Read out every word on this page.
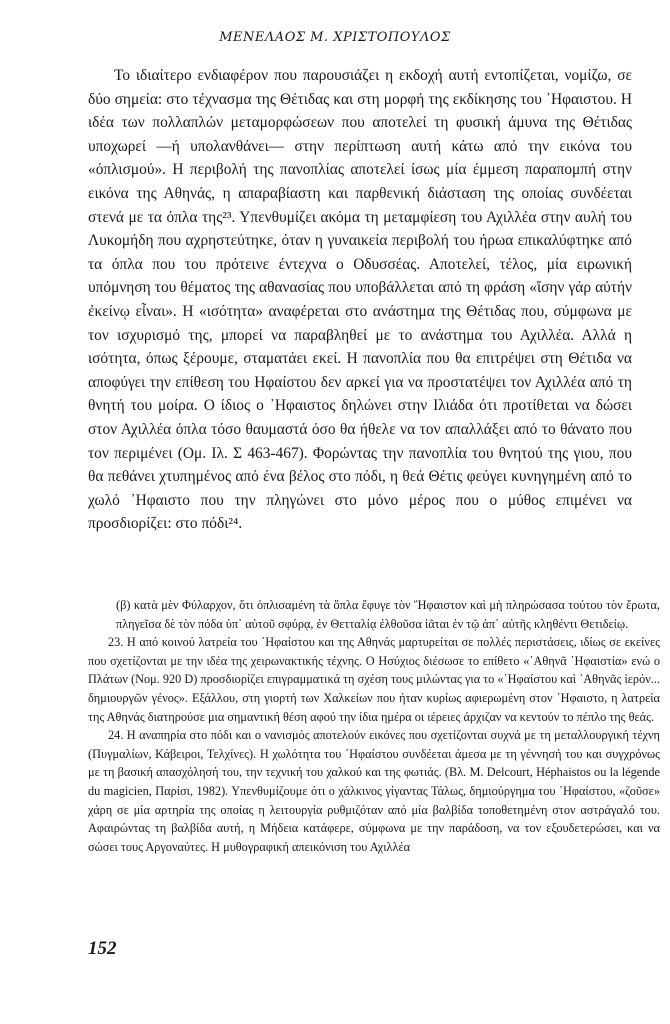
ΜΕΝΕΛΑΟΣ Μ. ΧΡΙΣΤΟΠΟΥΛΟΣ

Το ιδιαίτερο ενδιαφέρον που παρουσιάζει η εκδοχή αυτή εντοπίζεται, νομίζω, σε δύο σημεία: στο τέχνασμα της Θέτιδας και στη μορφή της εκδίκησης του ᾿Ηφαιστου. Η ιδέα των πολλαπλών μεταμορφώσεων που αποτελεί τη φυσική άμυνα της Θέτιδας υποχωρεί —ή υπολανθάνει— στην περίπτωση αυτή κάτω από την εικόνα του «όπλισμού». Η περιβολή της πανοπλίας αποτελεί ίσως μία έμμεση παραπομπή στην εικόνα της Αθηνάς, η απαραβίαστη και παρθενική διάσταση της οποίας συνδέεται στενά με τα όπλα της²³. Υπενθυμίζει ακόμα τη μεταμφίεση του Αχιλλέα στην αυλή του Λυκομήδη που αχρηστεύτηκε, όταν η γυναικεία περιβολή του ήρωα επικαλύφτηκε από τα όπλα που του πρότεινε έντεχνα ο Οδυσσέας. Αποτελεί, τέλος, μία ειρωνική υπόμνηση του θέματος της αθανασίας που υποβάλλεται από τη φράση «ἴσην γάρ αὐτήν ἐκείνῳ εἶναι». Η «ισότητα» αναφέρεται στο ανάστημα της Θέτιδας που, σύμφωνα με τον ισχυρισμό της, μπορεί να παραβληθεί με το ανάστημα του Αχιλλέα. Αλλά η ισότητα, όπως ξέρουμε, σταματάει εκεί. Η πανοπλία που θα επιτρέψει στη Θέτιδα να αποφύγει την επίθεση του Ηφαίστου δεν αρκεί για να προστατέψει τον Αχιλλέα από τη θνητή του μοίρα. Ο ίδιος ο ᾿Ηφαιστος δηλώνει στην Ιλιάδα ότι προτίθεται να δώσει στον Αχιλλέα όπλα τόσο θαυμαστά όσο θα ήθελε να τον απαλλάξει από το θάνατο που τον περιμένει (Ομ. Ιλ. Σ 463-467). Φορώντας την πανοπλία του θνητού της γιου, που θα πεθάνει χτυπημένος από ένα βέλος στο πόδι, η θεά Θέτις φεύγει κυνηγημένη από το χωλό ᾿Ηφαιστο που την πληγώνει στο μόνο μέρος που ο μύθος επιμένει να προσδιορίζει: στο πόδι²⁴.

(β) κατὰ μὲν Φύλαρχον, ὅτι ὁπλισαμένη τὰ ὅπλα ἔφυγε τὸν Ἥφαιστον καὶ μὴ πληρώσασα τούτου τὸν ἔρωτα, πληγεῖσα δὲ τὸν πόδα ὑπ᾿ αὐτοῦ σφύρᾳ, ἐν Θετταλίᾳ ἐλθοῦσα ἰᾶται ἐν τῷ ἀπ᾿ αὐτῆς κληθέντι Θετιδείῳ.

23. Η από κοινού λατρεία του ᾿Ηφαίστου και της Αθηνάς μαρτυρείται σε πολλές περιστάσεις, ιδίως σε εκείνες που σχετίζονται με την ιδέα της χειρωνακτικής τέχνης. Ο Ησύχιος διέσωσε το επίθετο «᾿Αθηνᾶ ᾿Ηφαιστία» ενώ ο Πλάτων (Νομ. 920 D) προσδιορίζει επιγραμματικά τη σχέση τους μιλώντας για το «᾿Ηφαίστου καὶ ᾿Αθηνᾶς ἱερόν... δημιουργῶν γένος». Εξάλλου, στη γιορτή των Χαλκείων που ήταν κυρίως αφιερωμένη στον ᾿Ηφαιστο, η λατρεία της Αθηνάς διατηρούσε μια σημαντική θέση αφού την ίδια ημέρα οι ιέρειες άρχιζαν να κεντούν το πέπλο της θεάς.

24. Η αναπηρία στο πόδι και ο νανισμός αποτελούν εικόνες που σχετίζονται συχνά με τη μεταλλουργική τέχνη (Πυγμαλίων, Κάβειροι, Τελχίνες). Η χωλότητα του ᾿Ηφαίστου συνδέεται άμεσα με τη γέννησή του και συγχρόνως με τη βασική απασχόλησή του, την τεχνική του χαλκού και της φωτιάς. (Βλ. M. Delcourt, Héphaistos ou la légende du magicien, Παρίσι, 1982). Υπενθυμίζουμε ότι ο χάλκινος γίγαντας Τάλως, δημιούργημα του ᾿Ηφαίστου, «ζοῦσε» χάρη σε μία αρτηρία της οποίας η λειτουργία ρυθμιζόταν από μία βαλβίδα τοποθετημένη στον αστράγαλό του. Αφαιρώντας τη βαλβίδα αυτή, η Μήδεια κατάφερε, σύμφωνα με την παράδοση, να τον εξουδετερώσει, και να σώσει τους Αργοναύτες. Η μυθογραφική απεικόνιση του Αχιλλέα

152
